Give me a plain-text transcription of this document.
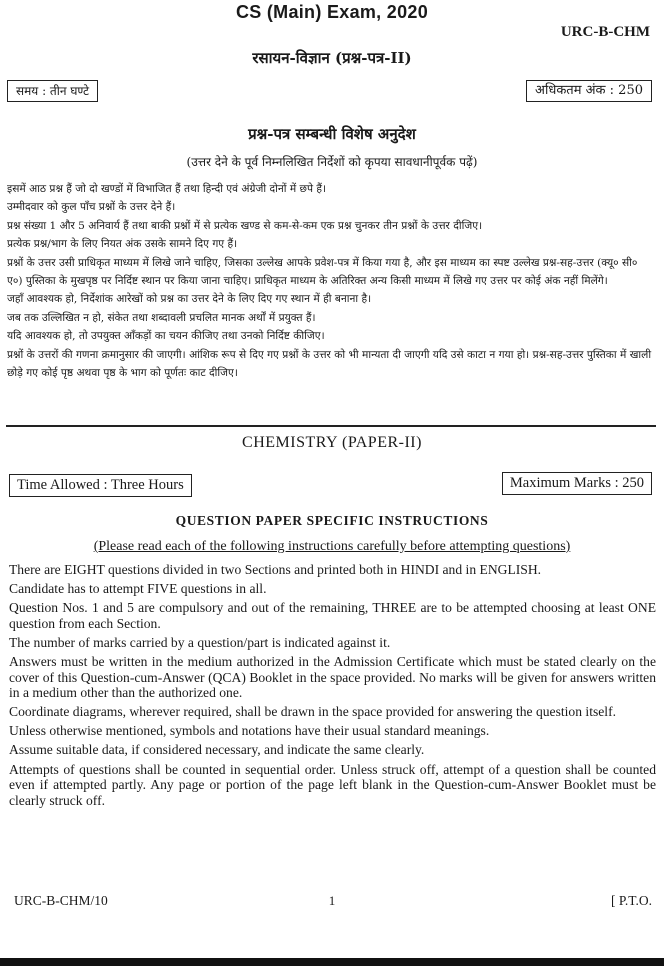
CS (Main) Exam, 2020
URC-B-CHM
रसायन-विज्ञान (प्रश्न-पत्र-II)
समय : तीन घण्टे	अधिकतम अंक : 250
प्रश्न-पत्र सम्बन्धी विशेष अनुदेश
(उत्तर देने के पूर्व निम्नलिखित निर्देशों को कृपया सावधानीपूर्वक पढ़ें)

इसमें आठ प्रश्न हैं जो दो खण्डों में विभाजित हैं तथा हिन्दी एवं अंग्रेजी दोनों में छपे हैं।

उम्मीदवार को कुल पाँच प्रश्नों के उत्तर देने हैं।

प्रश्न संख्या 1 और 5 अनिवार्य हैं तथा बाकी प्रश्नों में से प्रत्येक खण्ड से कम-से-कम एक प्रश्न चुनकर तीन प्रश्नों के उत्तर दीजिए।

प्रत्येक प्रश्न/भाग के लिए नियत अंक उसके सामने दिए गए हैं।

प्रश्नों के उत्तर उसी प्राधिकृत माध्यम में लिखे जाने चाहिए, जिसका उल्लेख आपके प्रवेश-पत्र में किया गया है, और इस माध्यम का स्पष्ट उल्लेख प्रश्न-सह-उत्तर (क्यू० सी० ए०) पुस्तिका के मुखपृष्ठ पर निर्दिष्ट स्थान पर किया जाना चाहिए। प्राधिकृत माध्यम के अतिरिक्त अन्य किसी माध्यम में लिखे गए उत्तर पर कोई अंक नहीं मिलेंगे।

जहाँ आवश्यक हो, निर्देशांक आरेखों को प्रश्न का उत्तर देने के लिए दिए गए स्थान में ही बनाना है।

जब तक उल्लिखित न हो, संकेत तथा शब्दावली प्रचलित मानक अर्थों में प्रयुक्त हैं।

यदि आवश्यक हो, तो उपयुक्त आँकड़ों का चयन कीजिए तथा उनको निर्दिष्ट कीजिए।

प्रश्नों के उत्तरों की गणना क्रमानुसार की जाएगी। आंशिक रूप से दिए गए प्रश्नों के उत्तर को भी मान्यता दी जाएगी यदि उसे काटा न गया हो। प्रश्न-सह-उत्तर पुस्तिका में खाली छोड़े गए कोई पृष्ठ अथवा पृष्ठ के भाग को पूर्णतः काट दीजिए।

CHEMISTRY (PAPER-II)
Time Allowed : Three Hours	Maximum Marks : 250
QUESTION PAPER SPECIFIC INSTRUCTIONS
(Please read each of the following instructions carefully before attempting questions)

There are EIGHT questions divided in two Sections and printed both in HINDI and in ENGLISH.

Candidate has to attempt FIVE questions in all.

Question Nos. 1 and 5 are compulsory and out of the remaining, THREE are to be attempted choosing at least ONE question from each Section.

The number of marks carried by a question/part is indicated against it.

Answers must be written in the medium authorized in the Admission Certificate which must be stated clearly on the cover of this Question-cum-Answer (QCA) Booklet in the space provided. No marks will be given for answers written in a medium other than the authorized one.

Coordinate diagrams, wherever required, shall be drawn in the space provided for answering the question itself.

Unless otherwise mentioned, symbols and notations have their usual standard meanings.

Assume suitable data, if considered necessary, and indicate the same clearly.

Attempts of questions shall be counted in sequential order. Unless struck off, attempt of a question shall be counted even if attempted partly. Any page or portion of the page left blank in the Question-cum-Answer Booklet must be clearly struck off.

URC-B-CHM/10	1	[ P.T.O.
